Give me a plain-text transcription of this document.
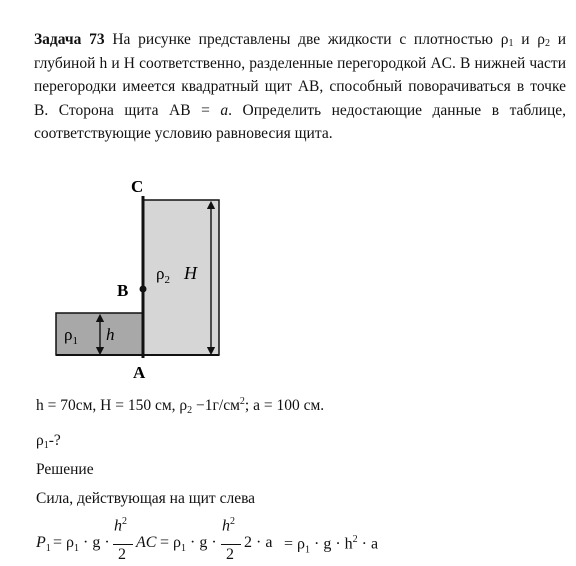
Задача 73 На рисунке представлены две жидкости с плотностью $\rho_1$ и $\rho_2$ и глубиной h и H соответственно, разделенные перегородкой AC. В нижней части перегородки имеется квадратный щит AB, способный поворачиваться в точке B. Сторона щита AB = a. Определить недостающие данные в таблице, соответствующие условию равновесия щита.
C
B
A
$\rho_1$ h
$\rho_2$ H
h = 70см, H = 150 см, $\rho_2 -1г/см^2$; a = 100 см.
$\rho_1-$?
Решение
Сила, действующая на щит слева
$P_1 = \rho_1 \cdot g$ ·
$h^2$
2
AC = $\rho_1 \cdot g$ ·
$h^2$
2
$2 \cdot a = \rho_1 \cdot g \cdot h^2 \cdot a$
